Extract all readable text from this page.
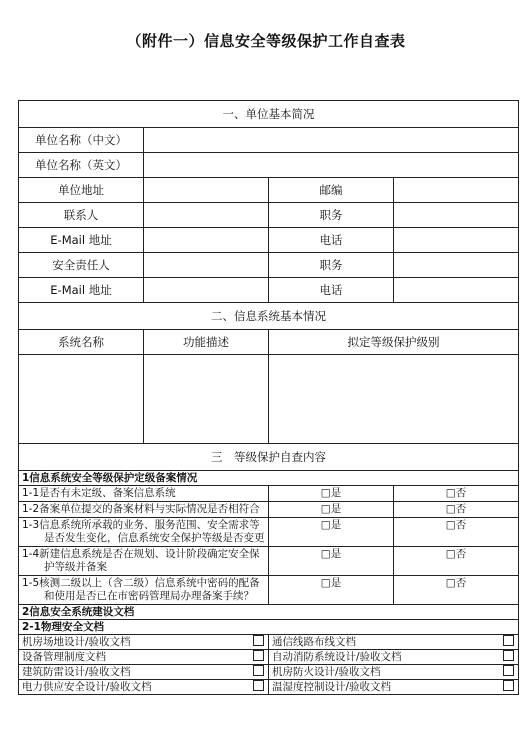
（附件一）信息安全等级保护工作自查表
一、单位基本简况			
单位名称（中文）			
单位名称（英文）			
单位地址		邮编	
联系人		职务	
E-Mail 地址		电话	
安全责任人		职务	
E-Mail 地址		电话	
二、信息系统基本情况			
系统名称	功能描述	拟定等级保护级别	

三　等级保护自查内容			
1信息系统安全等级保护定级备案情况			
1-1是否有未定级、备案信息系统		□是	□否
1-2备案单位提交的备案材料与实际情况是否相符合		□是	□否
1-3信息系统所承载的业务、服务范围、安全需求等是否发生变化，信息系统安全保护等级是否变更		□是	□否
1-4新建信息系统是否在规划、设计阶段确定安全保护等级并备案		□是	□否
1-5核测二级以上（含二级）信息系统中密码的配备和使用是否已在市密码管理局办理备案手续？		□是	□否
2信息安全系统建设文档			
2-1物理安全文档			

机房场地设计/验收文档		通信线路布线文档	

设备管理制度文档		自动消防系统设计/验收文档	

建筑防雷设计/验收文档		机房防火设计/验收文档	

电力供应安全设计/验收文档		温湿度控制设计/验收文档	
